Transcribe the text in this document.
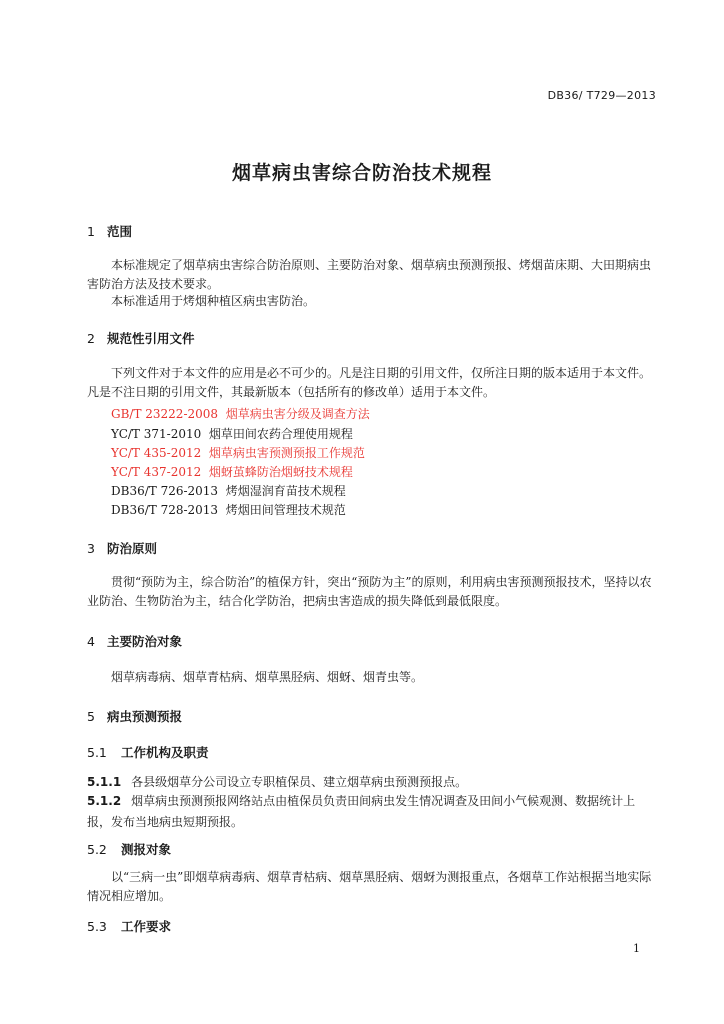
DB36/ T729—2013
烟草病虫害综合防治技术规程
1 范围
本标准规定了烟草病虫害综合防治原则、主要防治对象、烟草病虫预测预报、烤烟苗床期、大田期病虫害防治方法及技术要求。
本标准适用于烤烟种植区病虫害防治。
2 规范性引用文件
下列文件对于本文件的应用是必不可少的。凡是注日期的引用文件，仅所注日期的版本适用于本文件。凡是不注日期的引用文件，其最新版本（包括所有的修改单）适用于本文件。
GB/T 23222-2008 烟草病虫害分级及调查方法
YC/T 371-2010 烟草田间农药合理使用规程
YC/T 435-2012 烟草病虫害预测预报工作规范
YC/T 437-2012 烟蚜茧蜂防治烟蚜技术规程
DB36/T 726-2013 烤烟湿润育苗技术规程
DB36/T 728-2013 烤烟田间管理技术规范
3 防治原则
贯彻“预防为主，综合防治”的植保方针，突出“预防为主”的原则，利用病虫害预测预报技术，坚持以农业防治、生物防治为主，结合化学防治，把病虫害造成的损失降低到最低限度。
4 主要防治对象
烟草病毒病、烟草青枯病、烟草黑胫病、烟蚜、烟青虫等。
5 病虫预测预报
5.1 工作机构及职责
5.1.1 各县级烟草分公司设立专职植保员、建立烟草病虫预测预报点。
5.1.2 烟草病虫预测预报网络站点由植保员负责田间病虫发生情况调查及田间小气候观测、数据统计上报，发布当地病虫短期预报。
5.2 测报对象
以“三病一虫”即烟草病毒病、烟草青枯病、烟草黑胫病、烟蚜为测报重点，各烟草工作站根据当地实际情况相应增加。
5.3 工作要求
1
